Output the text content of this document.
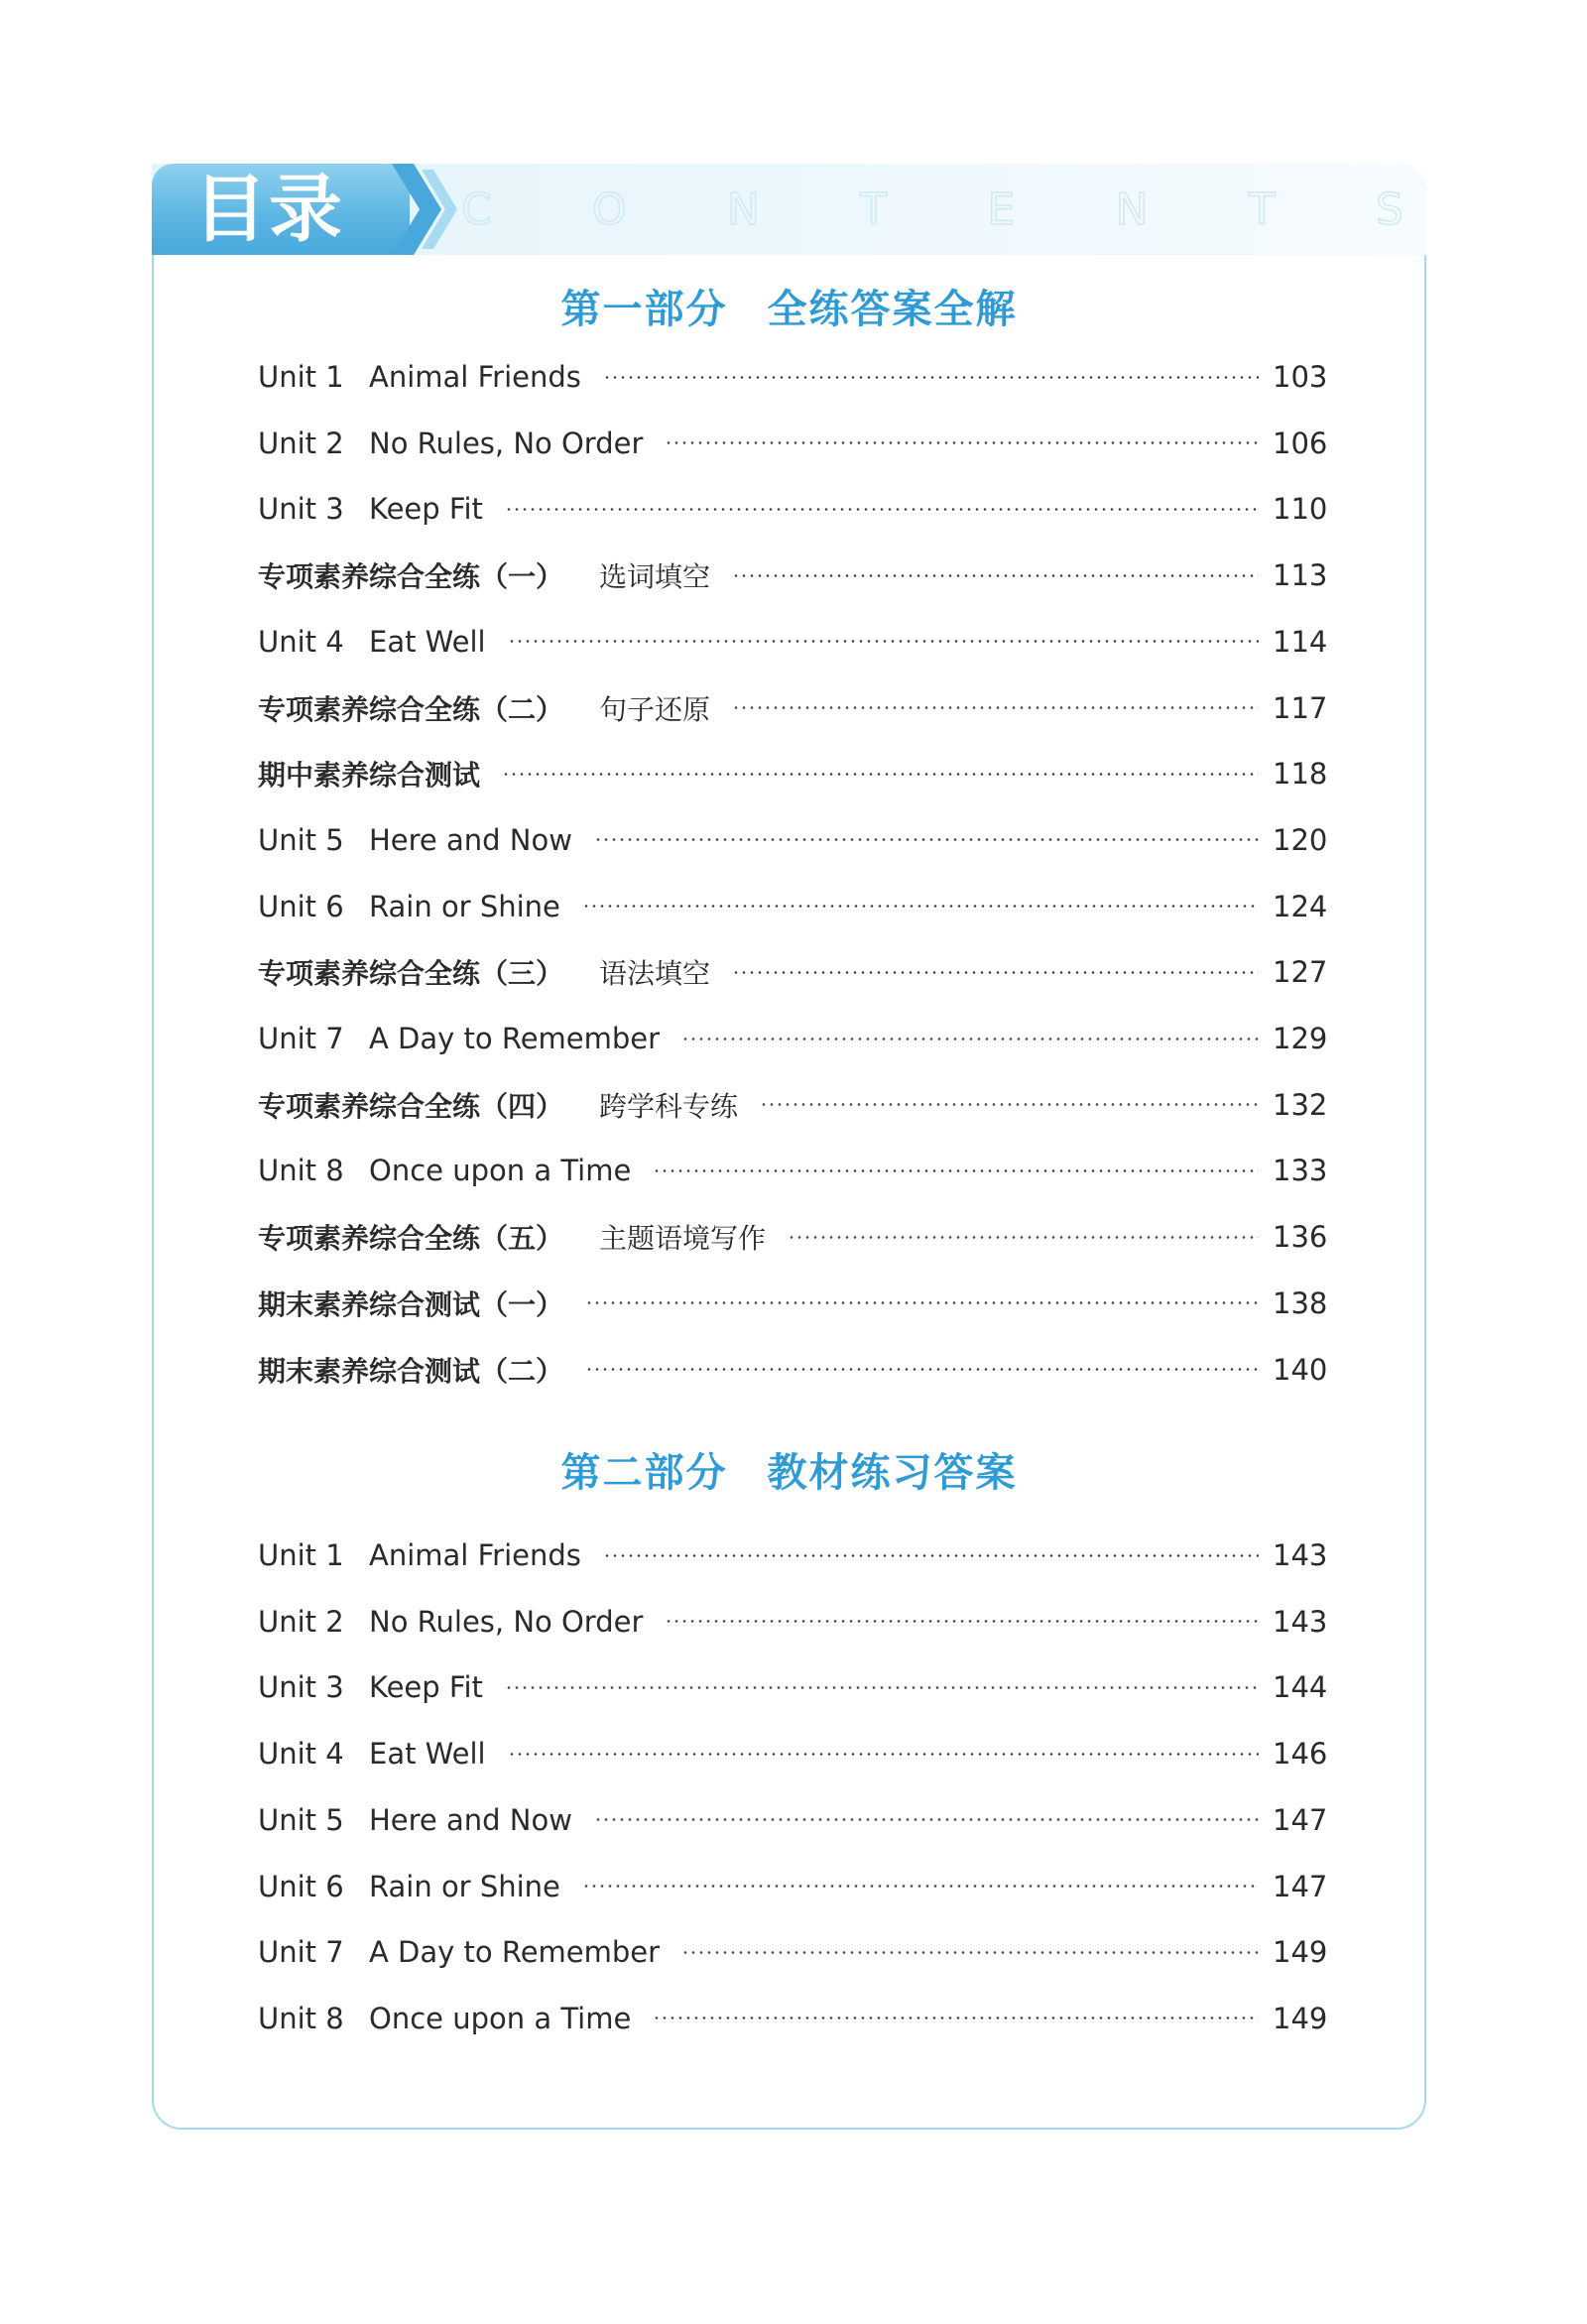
目录	C O N T E N T S
第一部分 全练答案全解
Unit 1 Animal Friends	103
Unit 2 No Rules, No Order	106
Unit 3 Keep Fit	110
专项素养综合全练（一） 选词填空	113
Unit 4 Eat Well	114
专项素养综合全练（二） 句子还原	117
期中素养综合测试	118
Unit 5 Here and Now	120
Unit 6 Rain or Shine	124
专项素养综合全练（三） 语法填空	127
Unit 7 A Day to Remember	129
专项素养综合全练（四） 跨学科专练	132
Unit 8 Once upon a Time	133
专项素养综合全练（五） 主题语境写作	136
期末素养综合测试（一）	138
期末素养综合测试（二）	140
第二部分 教材练习答案
Unit 1 Animal Friends	143
Unit 2 No Rules, No Order	143
Unit 3 Keep Fit	144
Unit 4 Eat Well	146
Unit 5 Here and Now	147
Unit 6 Rain or Shine	147
Unit 7 A Day to Remember	149
Unit 8 Once upon a Time	149
